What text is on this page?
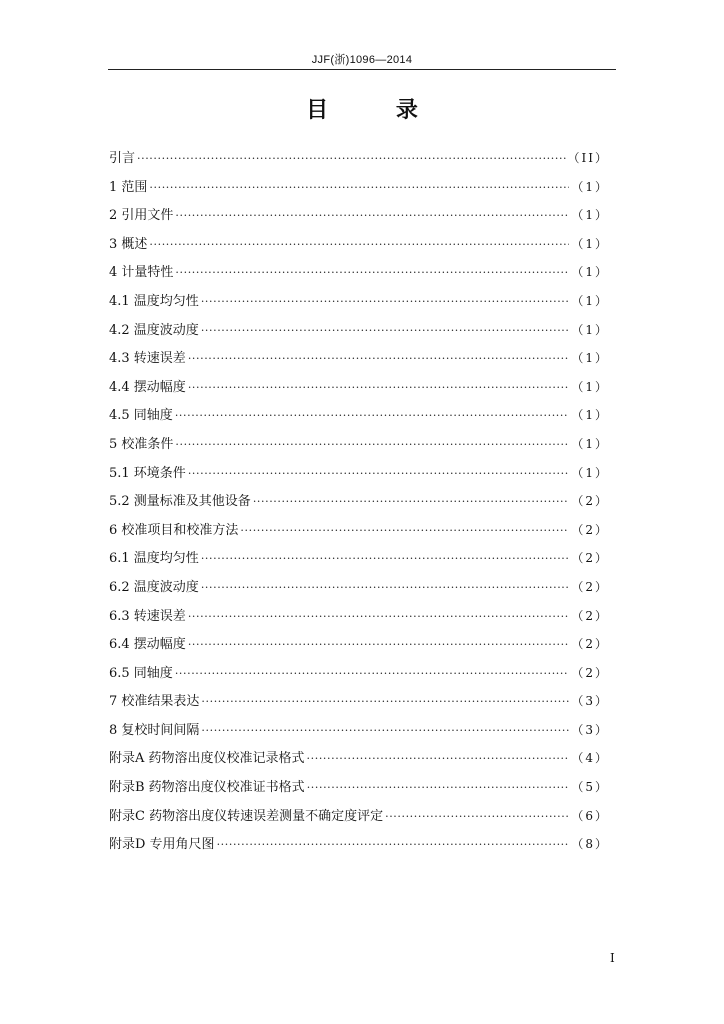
JJF(浙)1096—2014
目 录
引言 ·····	（II）
1 范围 ·····	（1）
2 引用文件 ·····	（1）
3 概述 ·····	（1）
4 计量特性 ·····	（1）
4.1 温度均匀性 ·····	（1）
4.2 温度波动度 ·····	（1）
4.3 转速误差 ·····	（1）
4.4 摆动幅度 ·····	（1）
4.5 同轴度 ·····	（1）
5 校准条件 ·····	（1）
5.1 环境条件 ·····	（1）
5.2 测量标准及其他设备 ·····	（2）
6 校准项目和校准方法 ·····	（2）
6.1 温度均匀性 ·····	（2）
6.2 温度波动度 ·····	（2）
6.3 转速误差 ·····	（2）
6.4 摆动幅度 ·····	（2）
6.5 同轴度 ·····	（2）
7 校准结果表达 ·····	（3）
8 复校时间间隔 ·····	（3）
附录A 药物溶出度仪校准记录格式 ·····	（4）
附录B 药物溶出度仪校准证书格式 ·····	（5）
附录C 药物溶出度仪转速误差测量不确定度评定 ·····	（6）
附录D 专用角尺图 ·····	（8）
I
